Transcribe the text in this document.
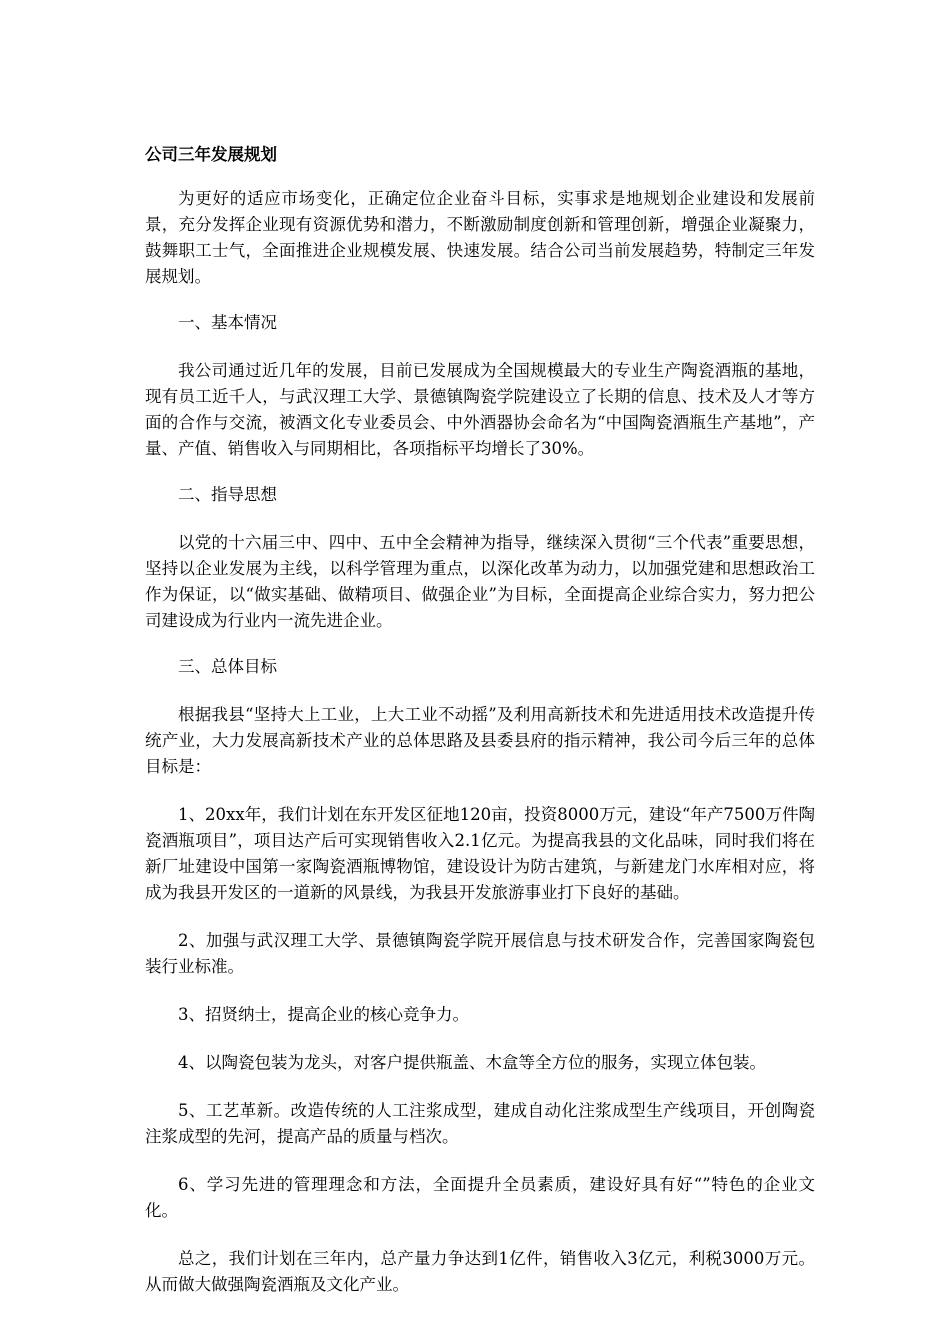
公司三年发展规划

为更好的适应市场变化，正确定位企业奋斗目标，实事求是地规划企业建设和发展前景，充分发挥企业现有资源优势和潜力，不断激励制度创新和管理创新，增强企业凝聚力，鼓舞职工士气，全面推进企业规模发展、快速发展。结合公司当前发展趋势，特制定三年发展规划。

一、基本情况

我公司通过近几年的发展，目前已发展成为全国规模最大的专业生产陶瓷酒瓶的基地，现有员工近千人，与武汉理工大学、景德镇陶瓷学院建设立了长期的信息、技术及人才等方面的合作与交流，被酒文化专业委员会、中外酒器协会命名为“中国陶瓷酒瓶生产基地”，产量、产值、销售收入与同期相比，各项指标平均增长了30%。

二、指导思想

以党的十六届三中、四中、五中全会精神为指导，继续深入贯彻“三个代表”重要思想，坚持以企业发展为主线，以科学管理为重点，以深化改革为动力，以加强党建和思想政治工作为保证，以“做实基础、做精项目、做强企业”为目标，全面提高企业综合实力，努力把公司建设成为行业内一流先进企业。

三、总体目标

根据我县“坚持大上工业，上大工业不动摇”及利用高新技术和先进适用技术改造提升传统产业，大力发展高新技术产业的总体思路及县委县府的指示精神，我公司今后三年的总体目标是：

1、20xx年，我们计划在东开发区征地120亩，投资8000万元，建设“年产7500万件陶瓷酒瓶项目”，项目达产后可实现销售收入2.1亿元。为提高我县的文化品味，同时我们将在新厂址建设中国第一家陶瓷酒瓶博物馆，建设设计为防古建筑，与新建龙门水库相对应，将成为我县开发区的一道新的风景线，为我县开发旅游事业打下良好的基础。

2、加强与武汉理工大学、景德镇陶瓷学院开展信息与技术研发合作，完善国家陶瓷包装行业标准。

3、招贤纳士，提高企业的核心竞争力。

4、以陶瓷包装为龙头，对客户提供瓶盖、木盒等全方位的服务，实现立体包装。

5、工艺革新。改造传统的人工注浆成型，建成自动化注浆成型生产线项目，开创陶瓷注浆成型的先河，提高产品的质量与档次。

6、学习先进的管理理念和方法，全面提升全员素质，建设好具有好“”特色的企业文化。

总之，我们计划在三年内，总产量力争达到1亿件，销售收入3亿元，利税3000万元。从而做大做强陶瓷酒瓶及文化产业。
